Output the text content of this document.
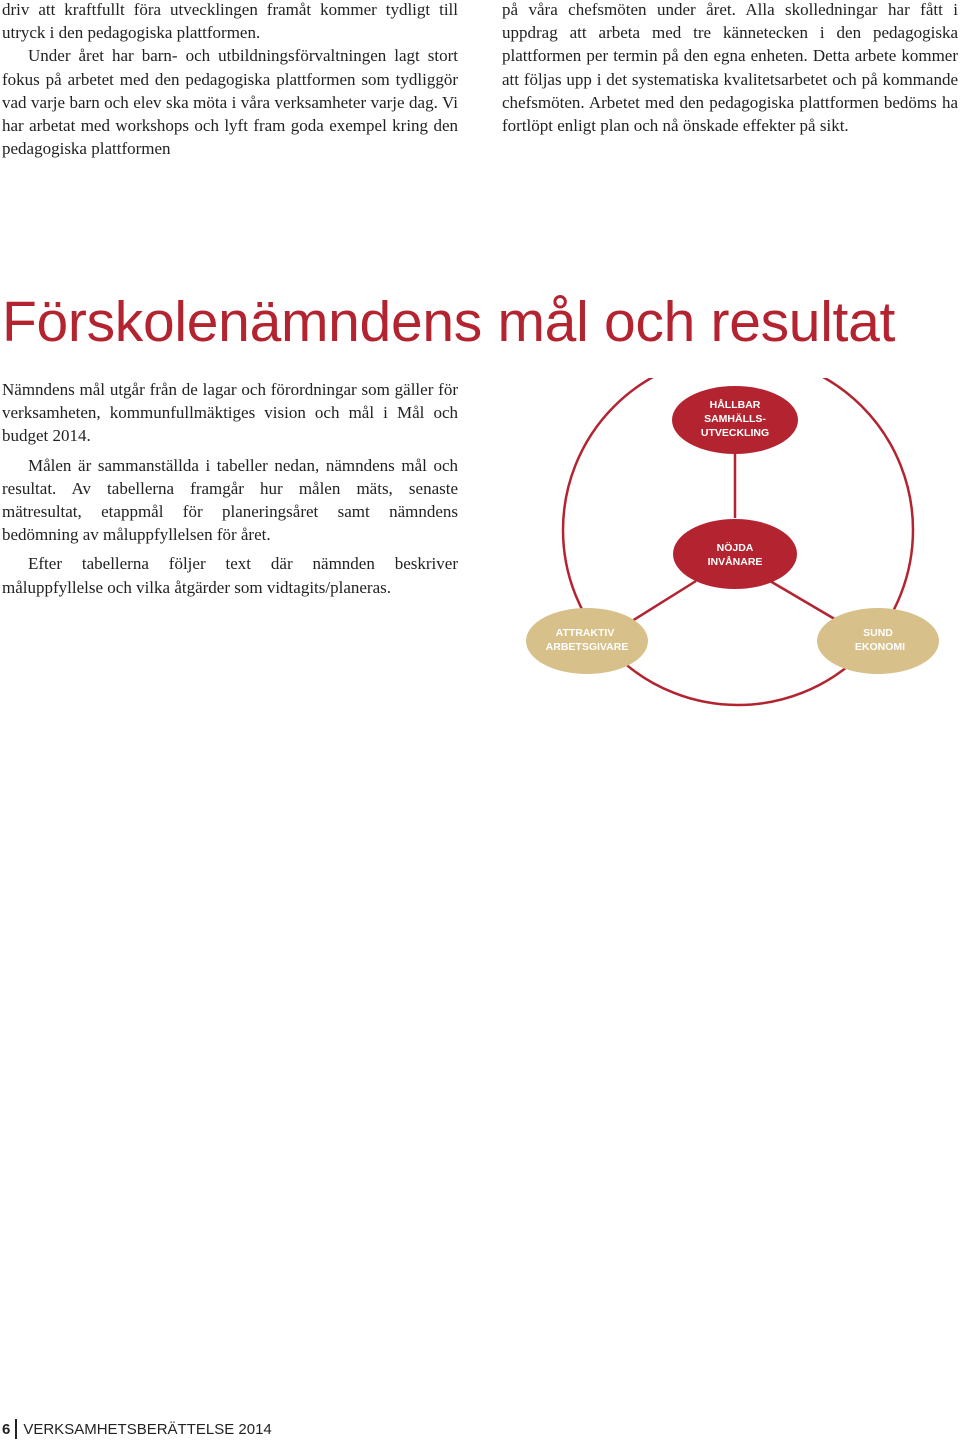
driv att kraftfullt föra utvecklingen framåt kommer tydligt till utryck i den pedagogiska plattformen.

Under året har barn- och utbildningsförvaltningen lagt stort fokus på arbetet med den pedagogiska plattformen som tydliggör vad varje barn och elev ska möta i våra verksamheter varje dag. Vi har arbetat med workshops och lyft fram goda exempel kring den pedagogiska plattformen

på våra chefsmöten under året. Alla skolledningar har fått i uppdrag att arbeta med tre kännetecken i den pedagogiska plattformen per termin på den egna enheten. Detta arbete kommer att följas upp i det systematiska kvalitetsarbetet och på kommande chefsmöten. Arbetet med den pedagogiska plattformen bedöms ha fortlöpt enligt plan och nå önskade effekter på sikt.

Förskolenämndens mål och resultat

Nämndens mål utgår från de lagar och förordningar som gäller för verksamheten, kommunfullmäktiges vision och mål i Mål och budget 2014.

Målen är sammanställda i tabeller nedan, nämndens mål och resultat. Av tabellerna framgår hur målen mäts, senaste mätresultat, etappmål för planeringsåret samt nämndens bedömning av måluppfyllelsen för året.

Efter tabellerna följer text där nämnden beskriver måluppfyllelse och vilka åtgärder som vidtagits/planeras.

HÅLLBAR
SAMHÄLLS-
UTVECKLING
NÖJDA
INVÅNARE
ATTRAKTIV
ARBETSGIVARE
SUND
EKONOMI
6 VERKSAMHETSBERÄTTELSE 2014
